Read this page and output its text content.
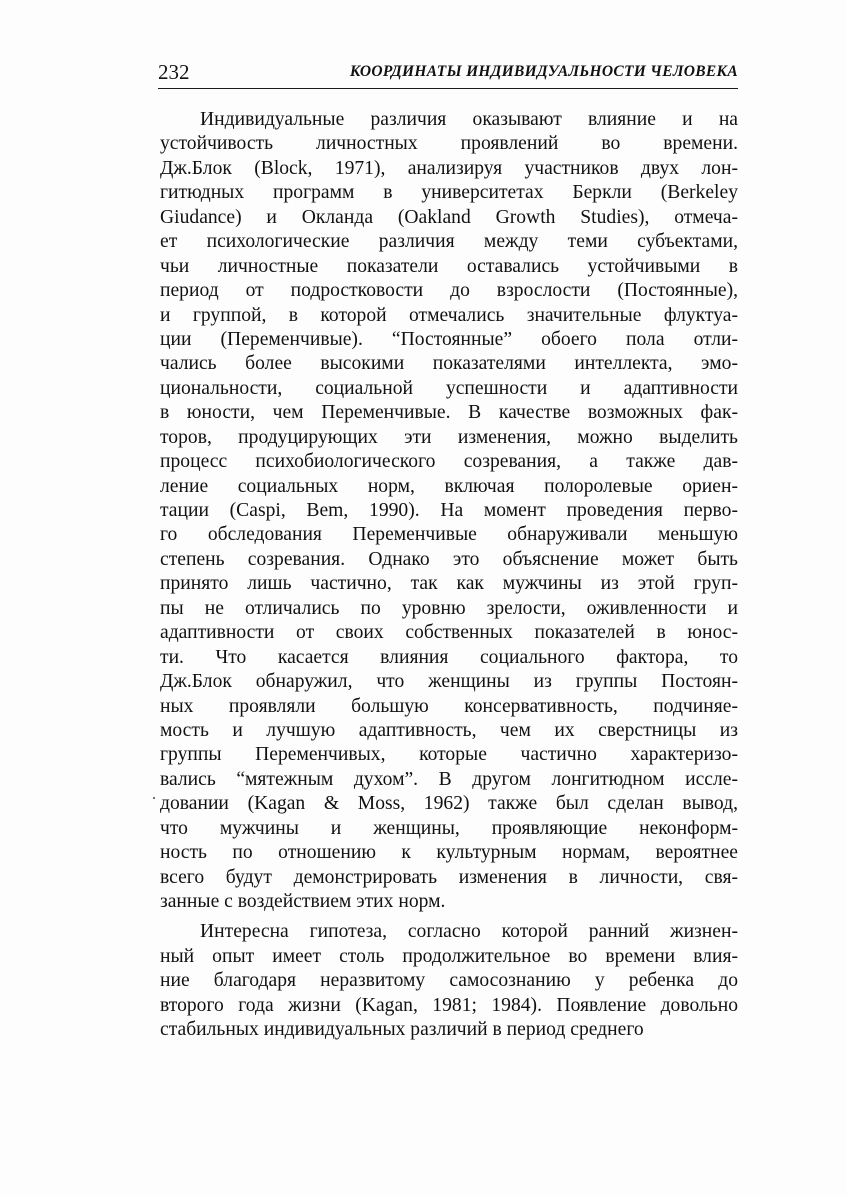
232	КООРДИНАТЫ ИНДИВИДУАЛЬНОСТИ ЧЕЛОВЕКА
Индивидуальные различия оказывают влияние и на
устойчивость личностных проявлений во времени.
Дж.Блок (Block, 1971), анализируя участников двух лон-
гитюдных программ в университетах Беркли (Berkeley
Giudance) и Окланда (Oakland Growth Studies), отмеча-
ет психологические различия между теми субъектами,
чьи личностные показатели оставались устойчивыми в
период от подростковости до взрослости (Постоянные),
и группой, в которой отмечались значительные флуктуа-
ции (Переменчивые). “Постоянные” обоего пола отли-
чались более высокими показателями интеллекта, эмо-
циональности, социальной успешности и адаптивности
в юности, чем Переменчивые. В качестве возможных фак-
торов, продуцирующих эти изменения, можно выделить
процесс психобиологического созревания, а также дав-
ление социальных норм, включая полоролевые ориен-
тации (Caspi, Bem, 1990). На момент проведения перво-
го обследования Переменчивые обнаруживали меньшую
степень созревания. Однако это объяснение может быть
принято лишь частично, так как мужчины из этой груп-
пы не отличались по уровню зрелости, оживленности и
адаптивности от своих собственных показателей в юнос-
ти. Что касается влияния социального фактора, то
Дж.Блок обнаружил, что женщины из группы Постоян-
ных проявляли большую консервативность, подчиняе-
мость и лучшую адаптивность, чем их сверстницы из
группы Переменчивых, которые частично характеризо-
вались “мятежным духом”. В другом лонгитюдном иссле-
довании (Kagan & Moss, 1962) также был сделан вывод,
что мужчины и женщины, проявляющие неконформ-
ность по отношению к культурным нормам, вероятнее
всего будут демонстрировать изменения в личности, свя-
занные с воздействием этих норм.
Интересна гипотеза, согласно которой ранний жизнен-
ный опыт имеет столь продолжительное во времени влия-
ние благодаря неразвитому самосознанию у ребенка до
второго года жизни (Kagan, 1981; 1984). Появление довольно
стабильных индивидуальных различий в период среднего
